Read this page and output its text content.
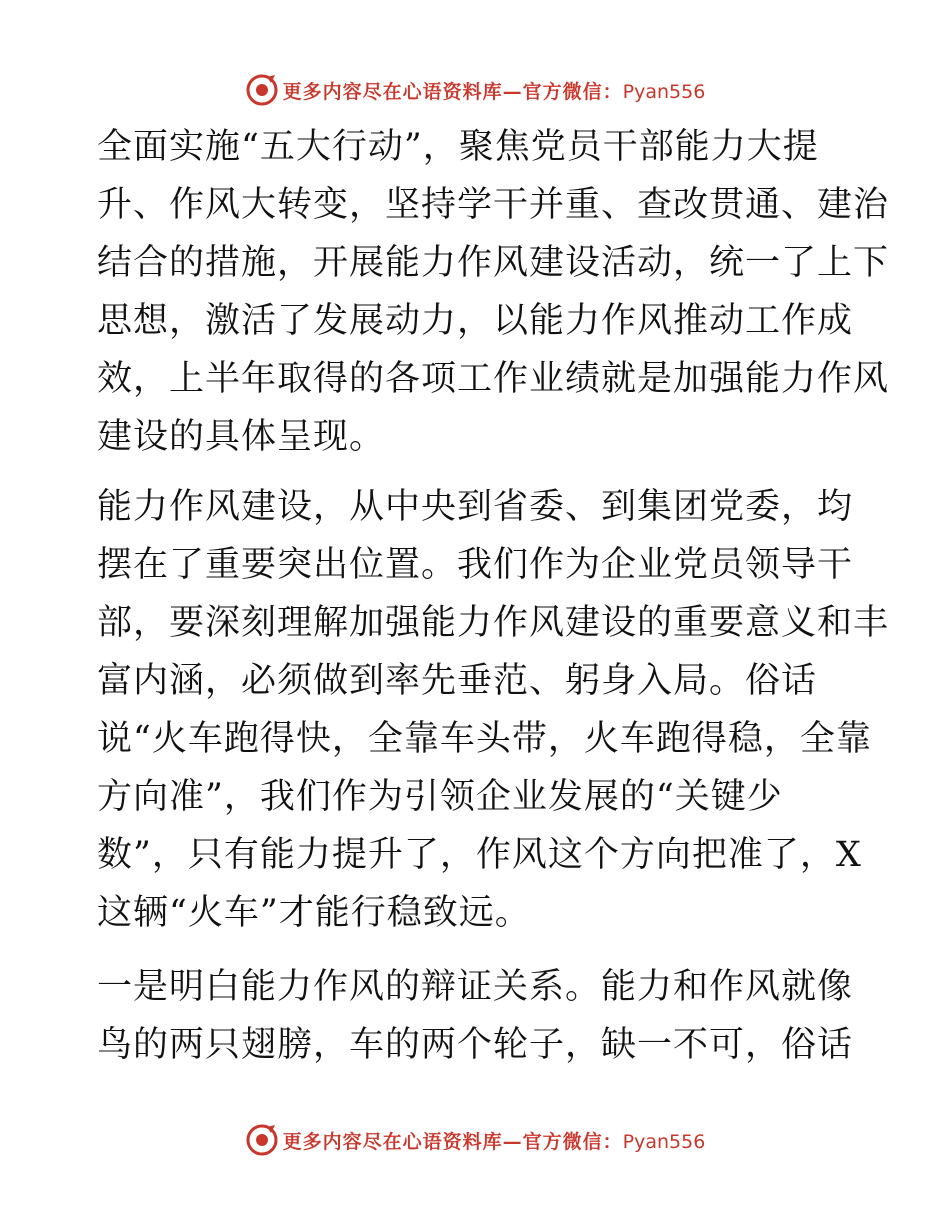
更多内容尽在心语资料库—官方微信：Pyan556

全面实施“五大行动”，聚焦党员干部能力大提
升、作风大转变，坚持学干并重、查改贯通、建治
结合的措施，开展能力作风建设活动，统一了上下
思想，激活了发展动力，以能力作风推动工作成
效，上半年取得的各项工作业绩就是加强能力作风
建设的具体呈现。

能力作风建设，从中央到省委、到集团党委，均
摆在了重要突出位置。我们作为企业党员领导干
部，要深刻理解加强能力作风建设的重要意义和丰
富内涵，必须做到率先垂范、躬身入局。俗话
说“火车跑得快，全靠车头带，火车跑得稳，全靠
方向准”，我们作为引领企业发展的“关键少
数”，只有能力提升了，作风这个方向把准了，X
这辆“火车”才能行稳致远。

一是明白能力作风的辩证关系。能力和作风就像
鸟的两只翅膀，车的两个轮子，缺一不可，俗话

更多内容尽在心语资料库—官方微信：Pyan556
